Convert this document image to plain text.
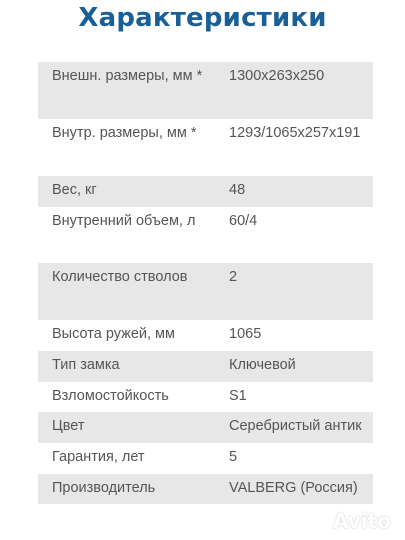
Характеристики
Внешн. размеры, мм *	1300x263x250
Внутр. размеры, мм *	1293/1065x257x191
Вес, кг	48
Внутренний объем, л	60/4
Количество стволов	2
Высота ружей, мм	1065
Тип замка	Ключевой
Взломостойкость	S1
Цвет	Серебристый антик
Гарантия, лет	5
Производитель	VALBERG (Россия)
Avito
